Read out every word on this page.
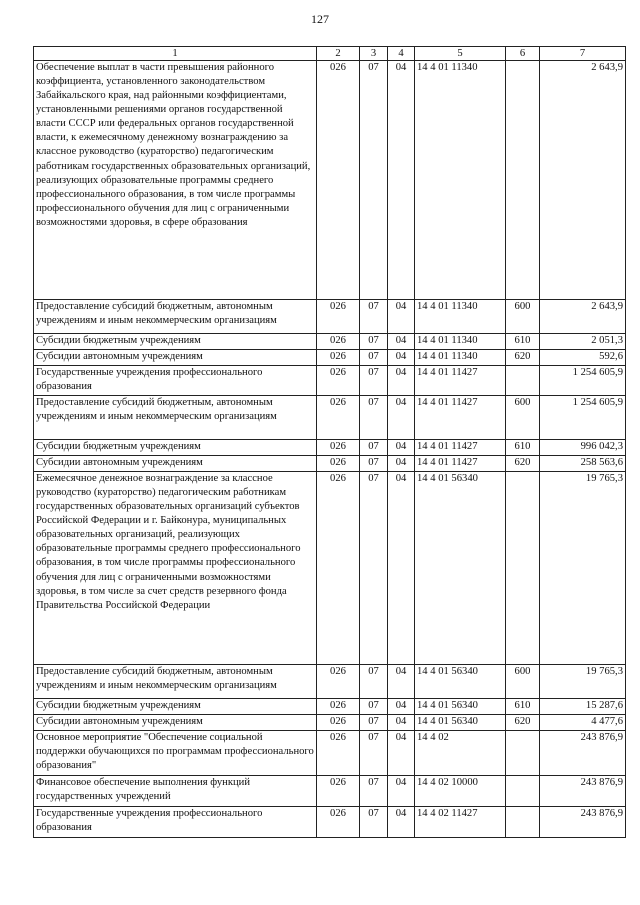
127
1	2	3	4	5	6	7
Обеспечение выплат в части превышения районного коэффициента, установленного законодательством Забайкальского края, над районными коэффициентами, установленными решениями органов государственной власти СССР или федеральных органов государственной власти, к ежемесячному денежному вознаграждению за классное руководство (кураторство) педагогическим работникам государственных образовательных организаций, реализующих образовательные программы среднего профессионального образования, в том числе программы профессионального обучения для лиц с ограниченными возможностями здоровья, в сфере образования	026	07	04	14 4 01 11340		2 643,9
Предоставление субсидий бюджетным, автономным учреждениям и иным некоммерческим организациям	026	07	04	14 4 01 11340	600	2 643,9
Субсидии бюджетным учреждениям	026	07	04	14 4 01 11340	610	2 051,3
Субсидии автономным учреждениям	026	07	04	14 4 01 11340	620	592,6
Государственные учреждения профессионального образования	026	07	04	14 4 01 11427		1 254 605,9
Предоставление субсидий бюджетным, автономным учреждениям и иным некоммерческим организациям	026	07	04	14 4 01 11427	600	1 254 605,9
Субсидии бюджетным учреждениям	026	07	04	14 4 01 11427	610	996 042,3
Субсидии автономным учреждениям	026	07	04	14 4 01 11427	620	258 563,6
Ежемесячное денежное вознаграждение за классное руководство (кураторство) педагогическим работникам государственных образовательных организаций субъектов Российской Федерации и г. Байконура, муниципальных образовательных организаций, реализующих образовательные программы среднего профессионального образования, в том числе программы профессионального обучения для лиц с ограниченными возможностями здоровья, в том числе за счет средств резервного фонда Правительства Российской Федерации	026	07	04	14 4 01 56340		19 765,3
Предоставление субсидий бюджетным, автономным учреждениям и иным некоммерческим организациям	026	07	04	14 4 01 56340	600	19 765,3
Субсидии бюджетным учреждениям	026	07	04	14 4 01 56340	610	15 287,6
Субсидии автономным учреждениям	026	07	04	14 4 01 56340	620	4 477,6
Основное мероприятие "Обеспечение социальной поддержки обучающихся по программам профессионального образования"	026	07	04	14 4 02		243 876,9
Финансовое обеспечение выполнения функций государственных учреждений	026	07	04	14 4 02 10000		243 876,9
Государственные учреждения профессионального образования	026	07	04	14 4 02 11427		243 876,9
